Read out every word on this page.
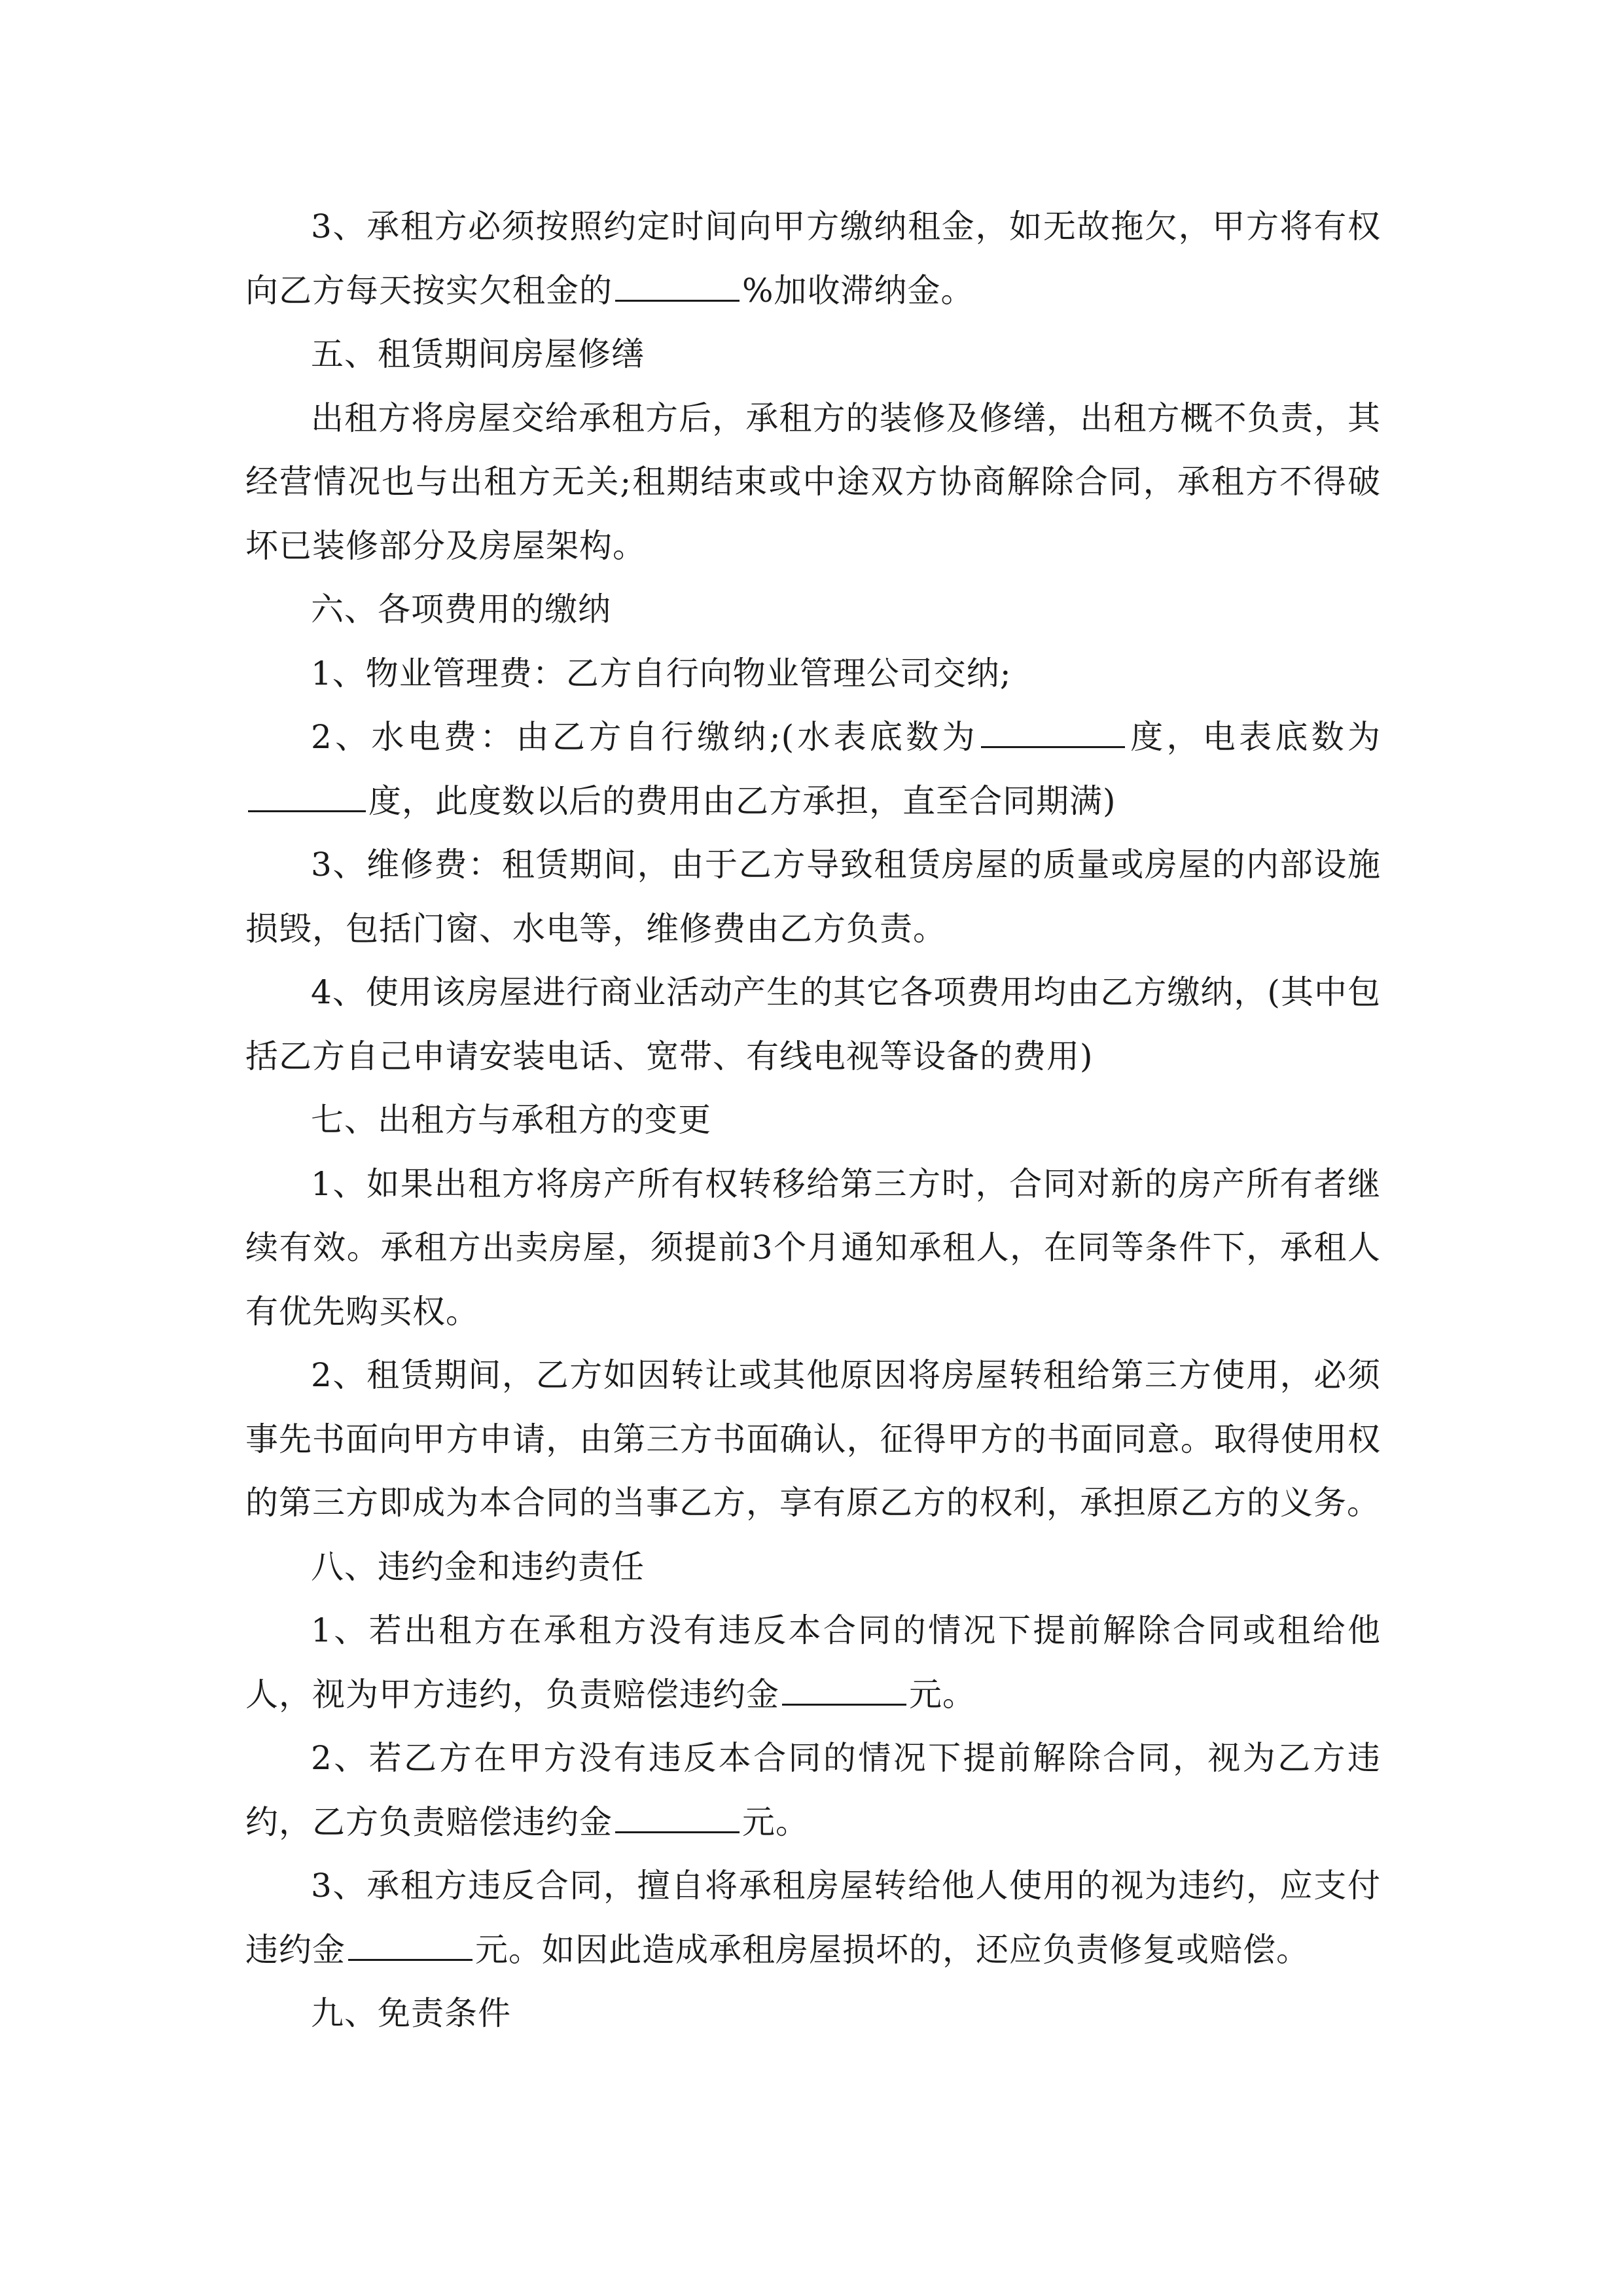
3、承租方必须按照约定时间向甲方缴纳租金，如无故拖欠，甲方将有权向乙方每天按实欠租金的	%加收滞纳金。

五、租赁期间房屋修缮

出租方将房屋交给承租方后，承租方的装修及修缮，出租方概不负责，其经营情况也与出租方无关;租期结束或中途双方协商解除合同，承租方不得破坏已装修部分及房屋架构。

六、各项费用的缴纳

1、物业管理费：乙方自行向物业管理公司交纳;

2、水电费：由乙方自行缴纳;(水表底数为	度，电表底数为度，此度数以后的费用由乙方承担，直至合同期满)

3、维修费：租赁期间，由于乙方导致租赁房屋的质量或房屋的内部设施损毁，包括门窗、水电等，维修费由乙方负责。

4、使用该房屋进行商业活动产生的其它各项费用均由乙方缴纳，(其中包括乙方自己申请安装电话、宽带、有线电视等设备的费用)

七、出租方与承租方的变更

1、如果出租方将房产所有权转移给第三方时，合同对新的房产所有者继续有效。承租方出卖房屋，须提前3个月通知承租人，在同等条件下，承租人有优先购买权。

2、租赁期间，乙方如因转让或其他原因将房屋转租给第三方使用，必须事先书面向甲方申请，由第三方书面确认，征得甲方的书面同意。取得使用权的第三方即成为本合同的当事乙方，享有原乙方的权利，承担原乙方的义务。

八、违约金和违约责任

1、若出租方在承租方没有违反本合同的情况下提前解除合同或租给他人，视为甲方违约，负责赔偿违约金	元。

2、若乙方在甲方没有违反本合同的情况下提前解除合同，视为乙方违约，乙方负责赔偿违约金	元。

3、承租方违反合同，擅自将承租房屋转给他人使用的视为违约，应支付违约金	元。如因此造成承租房屋损坏的，还应负责修复或赔偿。

九、免责条件
